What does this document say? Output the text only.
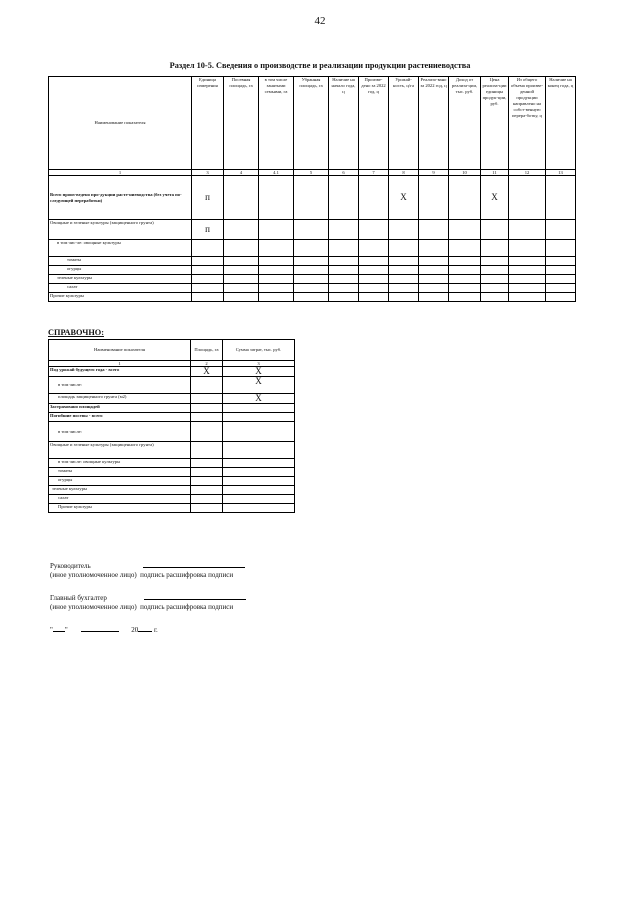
42
Раздел 10-5. Сведения о производстве и реализации продукции растениеводства
Наименование показателя	Единица измерения	Посевная площадь, га	в том числе занятыми семьями, га	Убранная площадь, га	Наличие на начало года, ц	Произве-дено за 2022 год, ц	Урожай-ность, ц/га	Реализо-вано за 2022 год, ц	Доход от реализа-ции, тыс. руб.	Цена реализа-ции единицы продук-ции, руб.	Из общего объема произве-денной продукции направлено на собст-венную перера-ботку, ц	Наличие на конец года, ц
1	3	4	4.1	5	6	7	8	9	10	11	12	13
Всего произ-ведено про-дукции расте-ниеводства (без учета по-следующей переработки)	п						X			X		
Овощные и зеленые культуры (защищенного грунта)	п											
в том чис-ле: овощные культуры												
томаты												
огурцы												
зеленые культуры												
салат												
Прочие культуры												
СПРАВОЧНО:
Наименование показателя	Площадь, га	Сумма затрат, тыс. руб.
1	2	3
Под урожай будущего года - всего	X	X
в том числе:		X
площадь защищенного грунта (м2)		X
Застраховано площадей		
Погибшие посевы - всего		
в том числе:		
Овощные и зеленые культуры (защищенного грунта)		
в том числе: овощные культуры		
томаты		
огурцы		
зеленые культуры		
салат		
Прочие культуры		
Руководитель
(иное уполномоченное лицо) подпись расшифровка подписи
Главный бухгалтер
(иное уполномоченное лицо) подпись расшифровка подписи
" "	20 г.
